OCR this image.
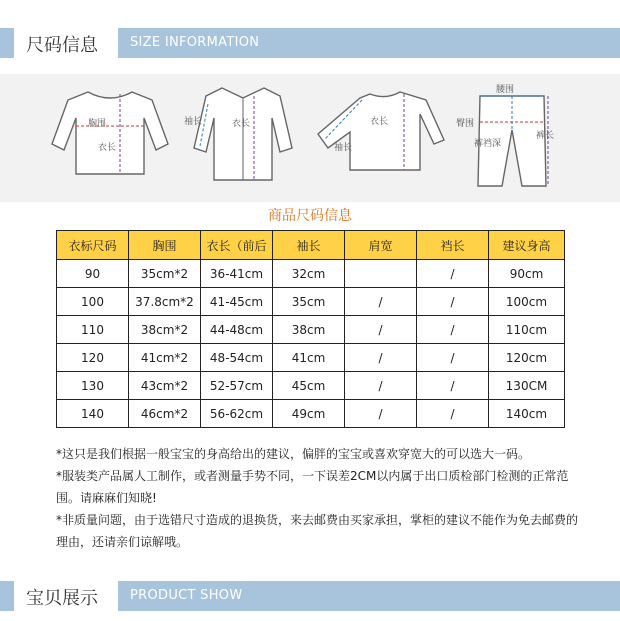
尺码信息 SIZE INFORMATION
胸围
衣长
袖长	衣长	衣长
袖长
腰围
臀围
裤裆深
裤长
商品尺码信息
衣标尺码	胸围	衣长（前后	袖长	肩宽	裆长	建议身高
90	35cm*2	36-41cm	32cm		/	90cm
100	37.8cm*2	41-45cm	35cm	/	/	100cm
110	38cm*2	44-48cm	38cm	/	/	110cm
120	41cm*2	48-54cm	41cm	/	/	120cm
130	43cm*2	52-57cm	45cm	/	/	130CM
140	46cm*2	56-62cm	49cm	/	/	140cm

*这只是我们根据一般宝宝的身高给出的建议，偏胖的宝宝或喜欢穿宽大的可以选大一码。

*服装类产品属人工制作，或者测量手势不同，一下误差2CM以内属于出口质检部门检测的正常范围。请麻麻们知晓!

*非质量问题，由于选错尺寸造成的退换货，来去邮费由买家承担，掌柜的建议不能作为免去邮费的理由，还请亲们谅解哦。

宝贝展示 PRODUCT SHOW
